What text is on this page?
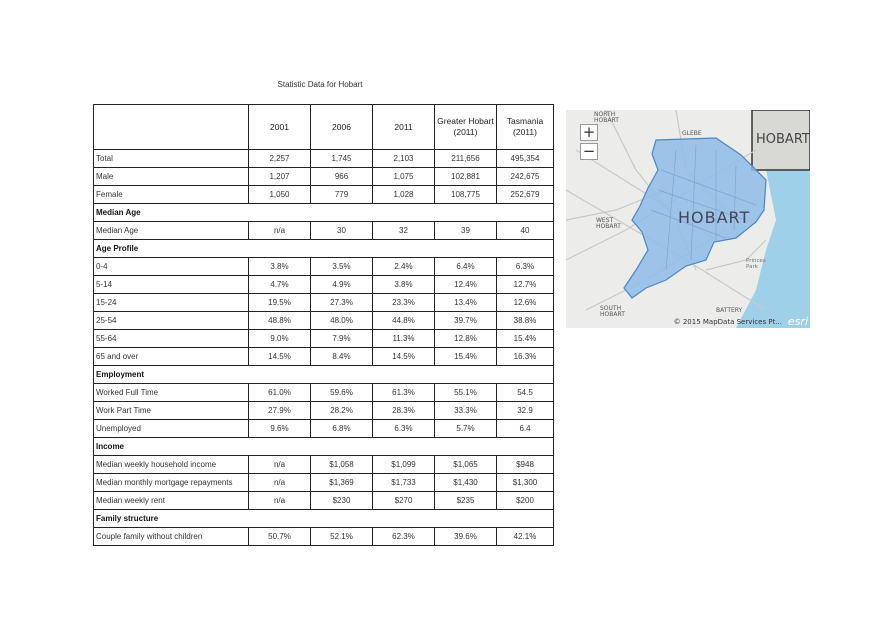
Statistic Data for Hobart
	2001	2006	2011	Greater Hobart (2011)	Tasmania (2011)
Total	2,257	1,745	2,103	211,656	495,354
Male	1,207	966	1,075	102,881	242,675
Female	1,050	779	1,028	108,775	252,679
Median Age					
Median Age	n/a	30	32	39	40
Age Profile					
0-4	3.8%	3.5%	2.4%	6.4%	6.3%
5-14	4.7%	4.9%	3.8%	12.4%	12.7%
15-24	19.5%	27.3%	23.3%	13.4%	12.6%
25-54	48.8%	48.0%	44.8%	39.7%	38.8%
55-64	9.0%	7.9%	11.3%	12.8%	15.4%
65 and over	14.5%	8.4%	14.5%	15.4%	16.3%
Employment					
Worked Full Time	61.0%	59.6%	61.3%	55.1%	54.5
Work Part Time	27.9%	28.2%	28.3%	33.3%	32.9
Unemployed	9.6%	6.8%	6.3%	5.7%	6.4
Income					
Median weekly household income	n/a	$1,058	$1,099	$1,065	$948
Median monthly mortgage repayments	n/a	$1,369	$1,733	$1,430	$1,300
Median weekly rent	n/a	$230	$270	$235	$200
Family structure					
Couple family without children	50.7%	52.1%	62.3%	39.6%	42.1%
+
−
NORTH
HOBART
GLEBE
HOBART
WEST
HOBART
SOUTH
HOBART
BATTERY
Princes
Park
HOBART
© 2015 MapData Services Pt... esri
